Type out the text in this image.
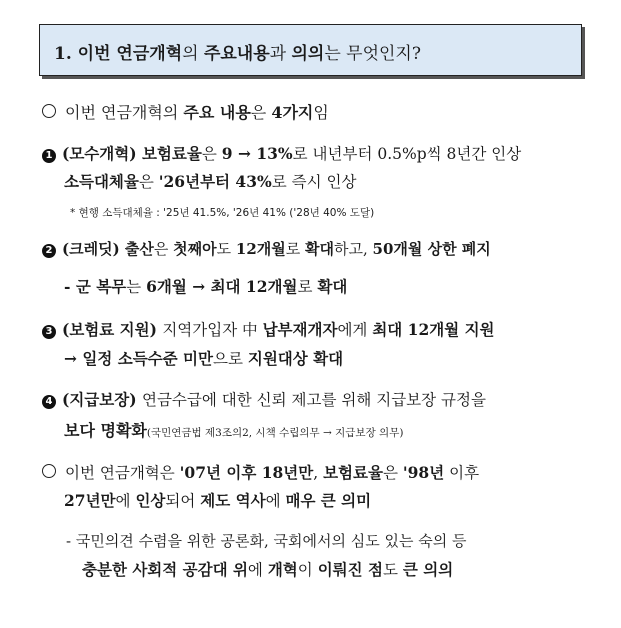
1. 이번 연금개혁의 주요내용과 의의는 무엇인지?
이번 연금개혁의 주요 내용은 4가지임
1 (모수개혁) 보험료율은 9 → 13%로 내년부터 0.5%p씩 8년간 인상
소득대체율은 '26년부터 43%로 즉시 인상
* 현행 소득대체율 : '25년 41.5%, '26년 41% ('28년 40% 도달)
2 (크레딧) 출산은 첫째아도 12개월로 확대하고, 50개월 상한 폐지
- 군 복무는 6개월 → 최대 12개월로 확대
3 (보험료 지원) 지역가입자 中 납부재개자에게 최대 12개월 지원
→ 일정 소득수준 미만으로 지원대상 확대
4 (지급보장) 연금수급에 대한 신뢰 제고를 위해 지급보장 규정을
보다 명확화(국민연금법 제3조의2, 시책 수립의무 → 지급보장 의무)
이번 연금개혁은 '07년 이후 18년만, 보험료율은 '98년 이후
27년만에 인상되어 제도 역사에 매우 큰 의미
- 국민의견 수렴을 위한 공론화, 국회에서의 심도 있는 숙의 등
충분한 사회적 공감대 위에 개혁이 이뤄진 점도 큰 의의
